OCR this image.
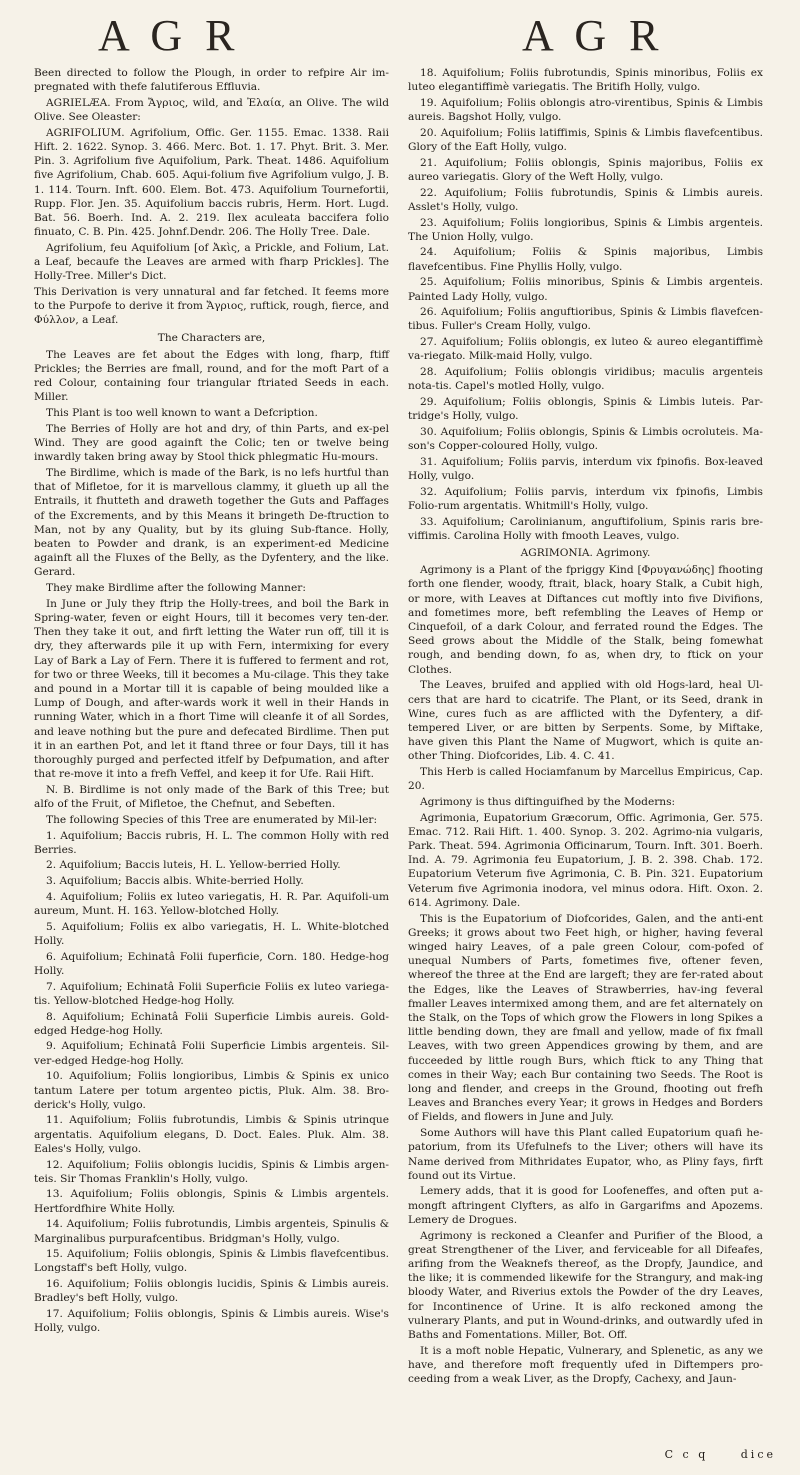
A G R	A G R

Been directed to follow the Plough, in order to refpire Air im-pregnated with thefe falutiferous Effluvia.

AGRIELÆA. From Ἄγριος, wild, and Ἐλαία, an Olive. The wild Olive. See Oleaster:

AGRIFOLIUM. Agrifolium, Offic. Ger. 1155. Emac. 1338. Raii Hift. 2. 1622. Synop. 3. 466. Merc. Bot. 1. 17. Phyt. Brit. 3. Mer. Pin. 3. Agrifolium five Aquifolium, Park. Theat. 1486. Aquifolium five Agrifolium, Chab. 605. Aqui-folium five Agrifolium vulgo, J. B. 1. 114. Tourn. Inft. 600. Elem. Bot. 473. Aquifolium Tournefortii, Rupp. Flor. Jen. 35. Aquifolium baccis rubris, Herm. Hort. Lugd. Bat. 56. Boerh. Ind. A. 2. 219. Ilex aculeata baccifera folio finuato, C. B. Pin. 425. Johnf.Dendr. 206. The Holly Tree. Dale.

Agrifolium, feu Aquifolium [of Ἀκὶς, a Prickle, and Folium, Lat. a Leaf, becaufe the Leaves are armed with fharp Prickles]. The Holly-Tree. Miller's Dict.

This Derivation is very unnatural and far fetched. It feems more to the Purpofe to derive it from Ἄγριος, ruftick, rough, fierce, and Φύλλον, a Leaf.

The Characters are,

The Leaves are fet about the Edges with long, fharp, ftiff Prickles; the Berries are fmall, round, and for the moft Part of a red Colour, containing four triangular ftriated Seeds in each. Miller.

This Plant is too well known to want a Defcription.

The Berries of Holly are hot and dry, of thin Parts, and ex-pel Wind. They are good againft the Colic; ten or twelve being inwardly taken bring away by Stool thick phlegmatic Hu-mours.

The Birdlime, which is made of the Bark, is no lefs hurtful than that of Mifletoe, for it is marvellous clammy, it glueth up all the Entrails, it fhutteth and draweth together the Guts and Paffages of the Excrements, and by this Means it bringeth De-ftruction to Man, not by any Quality, but by its gluing Sub-ftance. Holly, beaten to Powder and drank, is an experiment-ed Medicine againft all the Fluxes of the Belly, as the Dyfentery, and the like. Gerard.

They make Birdlime after the following Manner:

In June or July they ftrip the Holly-trees, and boil the Bark in Spring-water, feven or eight Hours, till it becomes very ten-der. Then they take it out, and firft letting the Water run off, till it is dry, they afterwards pile it up with Fern, intermixing for every Lay of Bark a Lay of Fern. There it is fuffered to ferment and rot, for two or three Weeks, till it becomes a Mu-cilage. This they take and pound in a Mortar till it is capable of being moulded like a Lump of Dough, and after-wards work it well in their Hands in running Water, which in a fhort Time will cleanfe it of all Sordes, and leave nothing but the pure and defecated Birdlime. Then put it in an earthen Pot, and let it ftand three or four Days, till it has thoroughly purged and perfected itfelf by Defpumation, and after that re-move it into a frefh Veffel, and keep it for Ufe. Raii Hift.

N. B. Birdlime is not only made of the Bark of this Tree; but alfo of the Fruit, of Mifletoe, the Chefnut, and Sebeften.

The following Species of this Tree are enumerated by Mil-ler:

1. Aquifolium; Baccis rubris, H. L. The common Holly with red Berries.

2. Aquifolium; Baccis luteis, H. L. Yellow-berried Holly.

3. Aquifolium; Baccis albis. White-berried Holly.

4. Aquifolium; Foliis ex luteo variegatis, H. R. Par. Aquifoli-um aureum, Munt. H. 163. Yellow-blotched Holly.

5. Aquifolium; Foliis ex albo variegatis, H. L. White-blotched Holly.

6. Aquifolium; Echinatâ Folii fuperficie, Corn. 180. Hedge-hog Holly.

7. Aquifolium; Echinatâ Folii Superficie Foliis ex luteo variega-tis. Yellow-blotched Hedge-hog Holly.

8. Aquifolium; Echinatâ Folii Superficie Limbis aureis. Gold-edged Hedge-hog Holly.

9. Aquifolium; Echinatâ Folii Superficie Limbis argenteis. Sil-ver-edged Hedge-hog Holly.

10. Aquifolium; Foliis longioribus, Limbis & Spinis ex unico tantum Latere per totum argenteo pictis, Pluk. Alm. 38. Bro-derick's Holly, vulgo.

11. Aquifolium; Foliis fubrotundis, Limbis & Spinis utrinque argentatis. Aquifolium elegans, D. Doct. Eales. Pluk. Alm. 38. Eales's Holly, vulgo.

12. Aquifolium; Foliis oblongis lucidis, Spinis & Limbis argen-teis. Sir Thomas Franklin's Holly, vulgo.

13. Aquifolium; Foliis oblongis, Spinis & Limbis argentels. Hertfordfhire White Holly.

14. Aquifolium; Foliis fubrotundis, Limbis argenteis, Spinulis & Marginalibus purpurafcentibus. Bridgman's Holly, vulgo.

15. Aquifolium; Foliis oblongis, Spinis & Limbis flavefcentibus. Longstaff's beft Holly, vulgo.

16. Aquifolium; Foliis oblongis lucidis, Spinis & Limbis aureis. Bradley's beft Holly, vulgo.

17. Aquifolium; Foliis oblongis, Spinis & Limbis aureis. Wise's Holly, vulgo.

18. Aquifolium; Foliis fubrotundis, Spinis minoribus, Foliis ex luteo elegantiffimè variegatis. The Britifh Holly, vulgo.

19. Aquifolium; Foliis oblongis atro-virentibus, Spinis & Limbis aureis. Bagshot Holly, vulgo.

20. Aquifolium; Foliis latiffimis, Spinis & Limbis flavefcentibus. Glory of the Eaft Holly, vulgo.

21. Aquifolium; Foliis oblongis, Spinis majoribus, Foliis ex aureo variegatis. Glory of the Weft Holly, vulgo.

22. Aquifolium; Foliis fubrotundis, Spinis & Limbis aureis. Asslet's Holly, vulgo.

23. Aquifolium; Foliis longioribus, Spinis & Limbis argenteis. The Union Holly, vulgo.

24. Aquifolium; Foliis & Spinis majoribus, Limbis flavefcentibus. Fine Phyllis Holly, vulgo.

25. Aquifolium; Foliis minoribus, Spinis & Limbis argenteis. Painted Lady Holly, vulgo.

26. Aquifolium; Foliis anguftioribus, Spinis & Limbis flavefcen-tibus. Fuller's Cream Holly, vulgo.

27. Aquifolium; Foliis oblongis, ex luteo & aureo elegantiffimè va-riegato. Milk-maid Holly, vulgo.

28. Aquifolium; Foliis oblongis viridibus; maculis argenteis nota-tis. Capel's motled Holly, vulgo.

29. Aquifolium; Foliis oblongis, Spinis & Limbis luteis. Par-tridge's Holly, vulgo.

30. Aquifolium; Foliis oblongis, Spinis & Limbis ocroluteis. Ma-son's Copper-coloured Holly, vulgo.

31. Aquifolium; Foliis parvis, interdum vix fpinofis. Box-leaved Holly, vulgo.

32. Aquifolium; Foliis parvis, interdum vix fpinofis, Limbis Folio-rum argentatis. Whitmill's Holly, vulgo.

33. Aquifolium; Carolinianum, anguftifolium, Spinis raris bre-viffimis. Carolina Holly with fmooth Leaves, vulgo.

AGRIMONIA. Agrimony.

Agrimony is a Plant of the fpriggy Kind [Φρυγανώδης] fhooting forth one flender, woody, ftrait, black, hoary Stalk, a Cubit high, or more, with Leaves at Diftances cut moftly into five Divifions, and fometimes more, beft refembling the Leaves of Hemp or Cinquefoil, of a dark Colour, and ferrated round the Edges. The Seed grows about the Middle of the Stalk, being fomewhat rough, and bending down, fo as, when dry, to ftick on your Clothes.

The Leaves, bruifed and applied with old Hogs-lard, heal Ul-cers that are hard to cicatrife. The Plant, or its Seed, drank in Wine, cures fuch as are afflicted with the Dyfentery, a dif-tempered Liver, or are bitten by Serpents. Some, by Miftake, have given this Plant the Name of Mugwort, which is quite an-other Thing. Diofcorides, Lib. 4. C. 41.

This Herb is called Hociamfanum by Marcellus Empiricus, Cap. 20.

Agrimony is thus diftinguifhed by the Moderns:

Agrimonia, Eupatorium Græcorum, Offic. Agrimonia, Ger. 575. Emac. 712. Raii Hift. 1. 400. Synop. 3. 202. Agrimo-nia vulgaris, Park. Theat. 594. Agrimonia Officinarum, Tourn. Inft. 301. Boerh. Ind. A. 79. Agrimonia feu Eupatorium, J. B. 2. 398. Chab. 172. Eupatorium Veterum five Agrimonia, C. B. Pin. 321. Eupatorium Veterum five Agrimonia inodora, vel minus odora. Hift. Oxon. 2. 614. Agrimony. Dale.

This is the Eupatorium of Diofcorides, Galen, and the anti-ent Greeks; it grows about two Feet high, or higher, having feveral winged hairy Leaves, of a pale green Colour, com-pofed of unequal Numbers of Parts, fometimes five, oftener feven, whereof the three at the End are largeft; they are fer-rated about the Edges, like the Leaves of Strawberries, hav-ing feveral fmaller Leaves intermixed among them, and are fet alternately on the Stalk, on the Tops of which grow the Flowers in long Spikes a little bending down, they are fmall and yellow, made of fix fmall Leaves, with two green Appendices growing by them, and are fucceeded by little rough Burs, which ftick to any Thing that comes in their Way; each Bur containing two Seeds. The Root is long and flender, and creeps in the Ground, fhooting out frefh Leaves and Branches every Year; it grows in Hedges and Borders of Fields, and flowers in June and July.

Some Authors will have this Plant called Eupatorium quafi he-patorium, from its Ufefulnefs to the Liver; others will have its Name derived from Mithridates Eupator, who, as Pliny fays, firft found out its Virtue.

Lemery adds, that it is good for Loofeneffes, and often put a-mongft aftringent Clyfters, as alfo in Gargarifms and Apozems. Lemery de Drogues.

Agrimony is reckoned a Cleanfer and Purifier of the Blood, a great Strengthener of the Liver, and ferviceable for all Difeafes, arifing from the Weaknefs thereof, as the Dropfy, Jaundice, and the like; it is commended likewife for the Strangury, and mak-ing bloody Water, and Riverius extols the Powder of the dry Leaves, for Incontinence of Urine. It is alfo reckoned among the vulnerary Plants, and put in Wound-drinks, and outwardly ufed in Baths and Fomentations. Miller, Bot. Off.

It is a moft noble Hepatic, Vulnerary, and Splenetic, as any we have, and therefore moft frequently ufed in Diftempers pro-ceeding from a weak Liver, as the Dropfy, Cachexy, and Jaun-

C c q	dice
